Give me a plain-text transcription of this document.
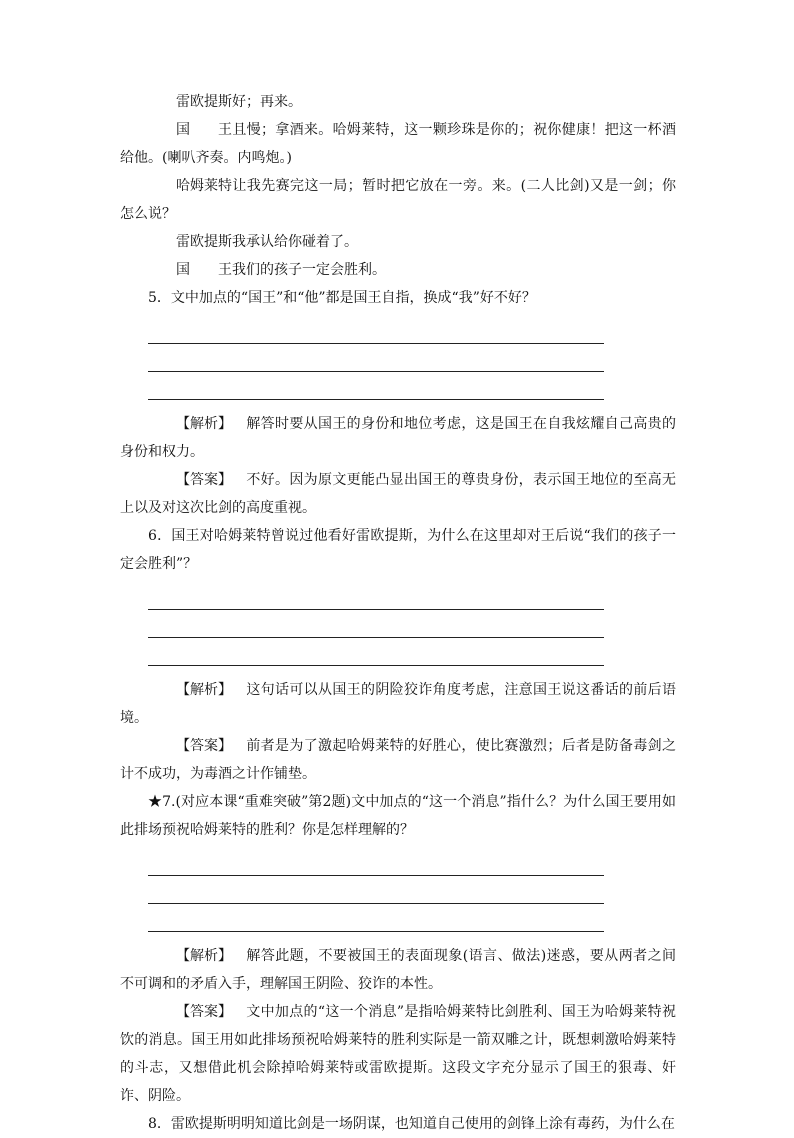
雷欧提斯好；再来。

国　　王且慢；拿酒来。哈姆莱特，这一颗珍珠是你的；祝你健康！把这一杯酒给他。(喇叭齐奏。内鸣炮。)

哈姆莱特让我先赛完这一局；暂时把它放在一旁。来。(二人比剑)又是一剑；你怎么说？

雷欧提斯我承认给你碰着了。

国　　王我们的孩子一定会胜利。

5．文中加点的“国王”和“他”都是国王自指，换成“我”好不好？

【解析】 解答时要从国王的身份和地位考虑，这是国王在自我炫耀自己高贵的身份和权力。

【答案】 不好。因为原文更能凸显出国王的尊贵身份，表示国王地位的至高无上以及对这次比剑的高度重视。

6．国王对哈姆莱特曾说过他看好雷欧提斯，为什么在这里却对王后说“我们的孩子一定会胜利”？

【解析】 这句话可以从国王的阴险狡诈角度考虑，注意国王说这番话的前后语境。

【答案】 前者是为了激起哈姆莱特的好胜心，使比赛激烈；后者是防备毒剑之计不成功，为毒酒之计作铺垫。

★7.(对应本课“重难突破”第2题)文中加点的“这一个消息”指什么？为什么国王要用如此排场预祝哈姆莱特的胜利？你是怎样理解的？

【解析】 解答此题，不要被国王的表面现象(语言、做法)迷惑，要从两者之间不可调和的矛盾入手，理解国王阴险、狡诈的本性。

【答案】 文中加点的“这一个消息”是指哈姆莱特比剑胜利、国王为哈姆莱特祝饮的消息。国王用如此排场预祝哈姆莱特的胜利实际是一箭双雕之计，既想刺激哈姆莱特的斗志，又想借此机会除掉哈姆莱特或雷欧提斯。这段文字充分显示了国王的狠毒、奸诈、阴险。

8．雷欧提斯明明知道比剑是一场阴谋，也知道自己使用的剑锋上涂有毒药，为什么在
